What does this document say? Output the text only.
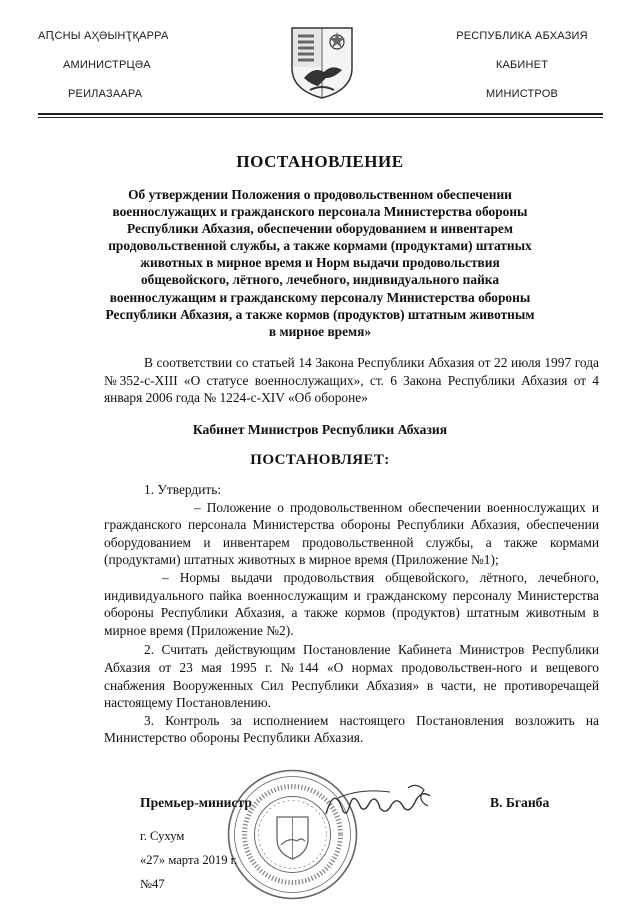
АԤСНЫ АҲӘЫНҬҚАРРА
АМИНИСТРЦӘА
РЕИЛАЗААРА
РЕСПУБЛИКА АБХАЗИЯ
КАБИНЕТ
МИНИСТРОВ
ПОСТАНОВЛЕНИЕ
Об утверждении Положения о продовольственном обеспечении военнослужащих и гражданского персонала Министерства обороны Республики Абхазия, обеспечении оборудованием и инвентарем продовольственной службы, а также кормами (продуктами) штатных животных в мирное время и Норм выдачи продовольствия общевойского, лётного, лечебного, индивидуального пайка военнослужащим и гражданскому персоналу Министерства обороны Республики Абхазия, а также кормов (продуктов) штатным животным в мирное время»
В соответствии со статьей 14 Закона Республики Абхазия от 22 июля 1997 года №352-с-XIII «О статусе военнослужащих», ст. 6 Закона Республики Абхазия от 4 января 2006 года № 1224-с-XIV «Об обороне»
Кабинет Министров Республики Абхазия
ПОСТАНОВЛЯЕТ:

1. Утвердить:

– Положение о продовольственном обеспечении военнослужащих и гражданского персонала Министерства обороны Республики Абхазия, обеспечении оборудованием и инвентарем продовольственной службы, а также кормами (продуктами) штатных животных в мирное время (Приложение №1);

– Нормы выдачи продовольствия общевойского, лётного, лечебного, индивидуального пайка военнослужащим и гражданскому персоналу Министерства обороны Республики Абхазия, а также кормов (продуктов) штатным животным в мирное время (Приложение №2).

2. Считать действующим Постановление Кабинета Министров Республики Абхазия от 23 мая 1995 г. №144 «О нормах продовольствен-ного и вещевого снабжения Вооруженных Сил Республики Абхазия» в части, не противоречащей настоящему Постановлению.

3. Контроль за исполнением настоящего Постановления возложить на Министерство обороны Республики Абхазия.

Премьер-министр	В. Бганба
г. Сухум
«27» марта 2019 г.
№47
